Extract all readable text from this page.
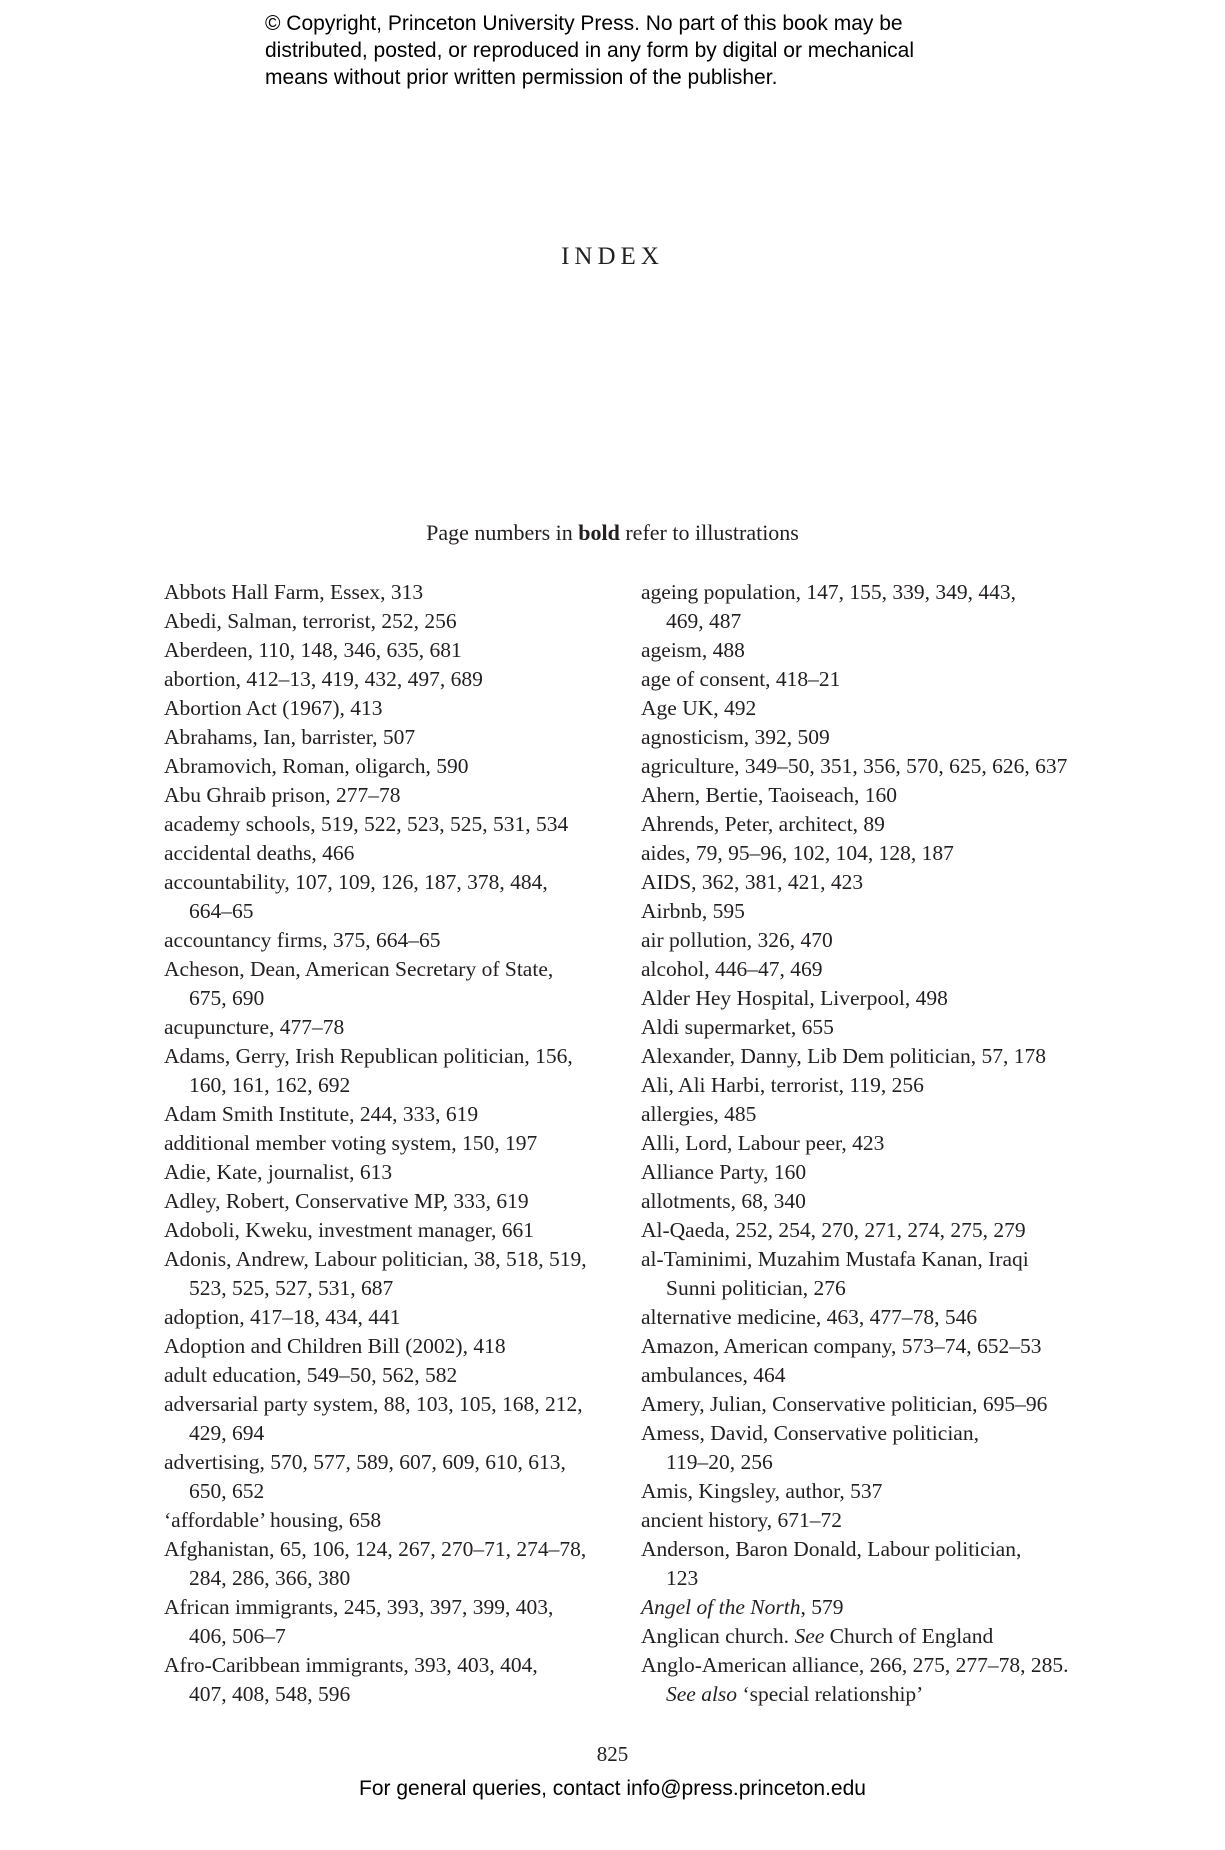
© Copyright, Princeton University Press. No part of this book may be
distributed, posted, or reproduced in any form by digital or mechanical
means without prior written permission of the publisher.
INDEX
Page numbers in bold refer to illustrations
Abbots Hall Farm, Essex, 313
Abedi, Salman, terrorist, 252, 256
Aberdeen, 110, 148, 346, 635, 681
abortion, 412–13, 419, 432, 497, 689
Abortion Act (1967), 413
Abrahams, Ian, barrister, 507
Abramovich, Roman, oligarch, 590
Abu Ghraib prison, 277–78
academy schools, 519, 522, 523, 525, 531, 534
accidental deaths, 466
accountability, 107, 109, 126, 187, 378, 484,
664–65
accountancy firms, 375, 664–65
Acheson, Dean, American Secretary of State,
675, 690
acupuncture, 477–78
Adams, Gerry, Irish Republican politician, 156,
160, 161, 162, 692
Adam Smith Institute, 244, 333, 619
additional member voting system, 150, 197
Adie, Kate, journalist, 613
Adley, Robert, Conservative MP, 333, 619
Adoboli, Kweku, investment manager, 661
Adonis, Andrew, Labour politician, 38, 518, 519,
523, 525, 527, 531, 687
adoption, 417–18, 434, 441
Adoption and Children Bill (2002), 418
adult education, 549–50, 562, 582
adversarial party system, 88, 103, 105, 168, 212,
429, 694
advertising, 570, 577, 589, 607, 609, 610, 613,
650, 652
‘affordable’ housing, 658
Afghanistan, 65, 106, 124, 267, 270–71, 274–78,
284, 286, 366, 380
African immigrants, 245, 393, 397, 399, 403,
406, 506–7
Afro-Caribbean immigrants, 393, 403, 404,
407, 408, 548, 596
ageing population, 147, 155, 339, 349, 443,
469, 487
ageism, 488
age of consent, 418–21
Age UK, 492
agnosticism, 392, 509
agriculture, 349–50, 351, 356, 570, 625, 626, 637
Ahern, Bertie, Taoiseach, 160
Ahrends, Peter, architect, 89
aides, 79, 95–96, 102, 104, 128, 187
AIDS, 362, 381, 421, 423
Airbnb, 595
air pollution, 326, 470
alcohol, 446–47, 469
Alder Hey Hospital, Liverpool, 498
Aldi supermarket, 655
Alexander, Danny, Lib Dem politician, 57, 178
Ali, Ali Harbi, terrorist, 119, 256
allergies, 485
Alli, Lord, Labour peer, 423
Alliance Party, 160
allotments, 68, 340
Al-Qaeda, 252, 254, 270, 271, 274, 275, 279
al-Taminimi, Muzahim Mustafa Kanan, Iraqi
Sunni politician, 276
alternative medicine, 463, 477–78, 546
Amazon, American company, 573–74, 652–53
ambulances, 464
Amery, Julian, Conservative politician, 695–96
Amess, David, Conservative politician,
119–20, 256
Amis, Kingsley, author, 537
ancient history, 671–72
Anderson, Baron Donald, Labour politician,
123
Angel of the North, 579
Anglican church. See Church of England
Anglo-American alliance, 266, 275, 277–78, 285.
See also ‘special relationship’
825
For general queries, contact info@press.princeton.edu
